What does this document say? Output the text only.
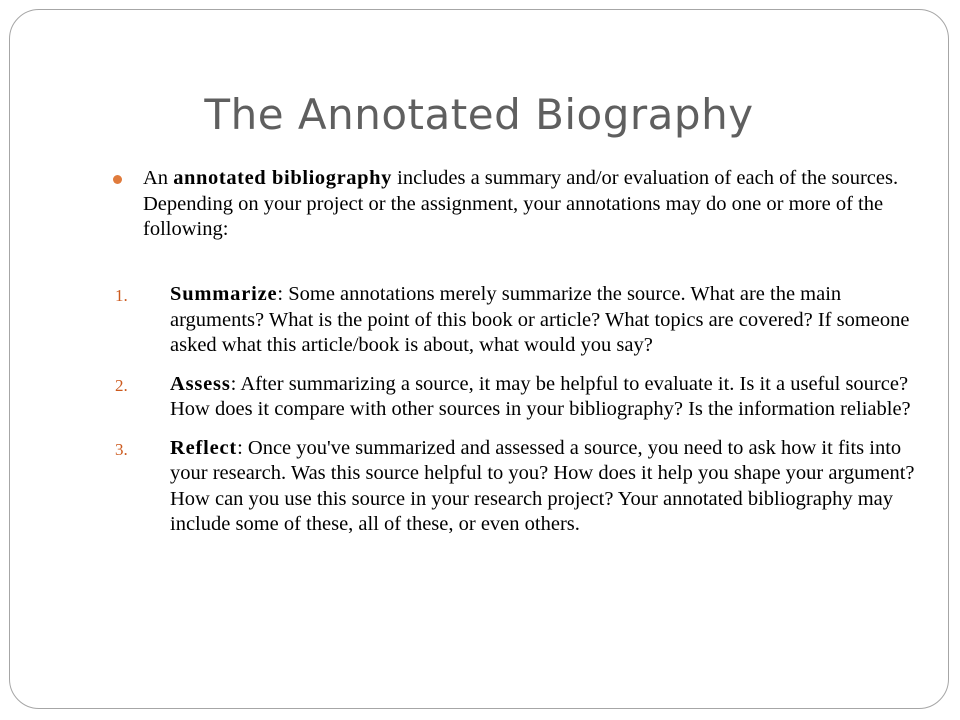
The Annotated Biography

An annotated bibliography includes a summary and/or evaluation of each of the sources. Depending on your project or the assignment, your annotations may do one or more of the following:

1. Summarize: Some annotations merely summarize the source. What are the main arguments? What is the point of this book or article? What topics are covered? If someone asked what this article/book is about, what would you say?
2. Assess: After summarizing a source, it may be helpful to evaluate it. Is it a useful source? How does it compare with other sources in your bibliography? Is the information reliable?
3. Reflect: Once you've summarized and assessed a source, you need to ask how it fits into your research. Was this source helpful to you? How does it help you shape your argument? How can you use this source in your research project? Your annotated bibliography may include some of these, all of these, or even others.
